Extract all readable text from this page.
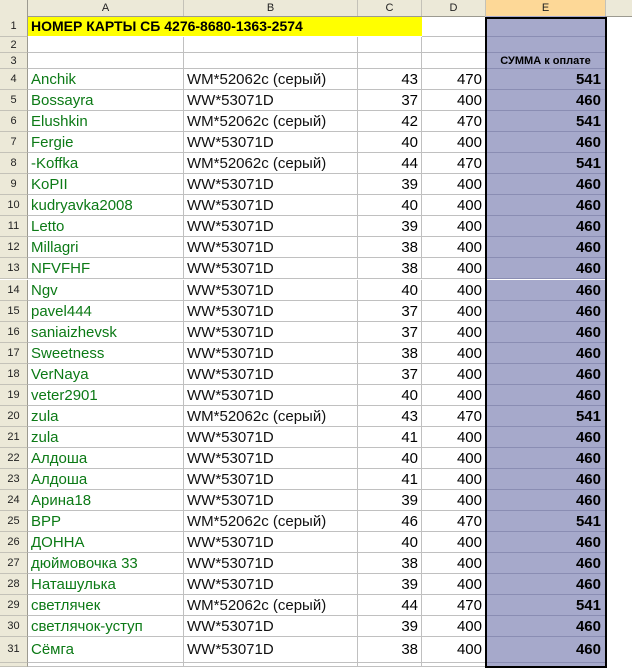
A	B	C	D	E
1
2
3
4
5
6
7
8
9
10
11
12
13
14
15
16
17
18
19
20
21
22
23
24
25
26
27
28
29
30
31
НОМЕР КАРТЫ СБ 4276-8680-1363-2574
СУММА к оплате
Anchik	WM*52062c (серый)	43	470	541
Bossayra	WW*53071D	37	400	460
Elushkin	WM*52062c (серый)	42	470	541
Fergie	WW*53071D	40	400	460
-Koffka	WM*52062c (серый)	44	470	541
KoPII	WW*53071D	39	400	460
kudryavka2008	WW*53071D	40	400	460
Letto	WW*53071D	39	400	460
Millagri	WW*53071D	38	400	460
NFVFHF	WW*53071D	38	400	460
Ngv	WW*53071D	40	400	460
pavel444	WW*53071D	37	400	460
saniaizhevsk	WW*53071D	37	400	460
Sweetness	WW*53071D	38	400	460
VerNaya	WW*53071D	37	400	460
veter2901	WW*53071D	40	400	460
zula	WM*52062c (серый)	43	470	541
zula	WW*53071D	41	400	460
Алдоша	WW*53071D	40	400	460
Алдоша	WW*53071D	41	400	460
Арина18	WW*53071D	39	400	460
BPP	WM*52062c (серый)	46	470	541
ДОННА	WW*53071D	40	400	460
дюймовочка 33	WW*53071D	38	400	460
Наташулька	WW*53071D	39	400	460
светлячек	WM*52062c (серый)	44	470	541
светлячок-уступ	WW*53071D	39	400	460
Сёмга	WW*53071D	38	400	460
